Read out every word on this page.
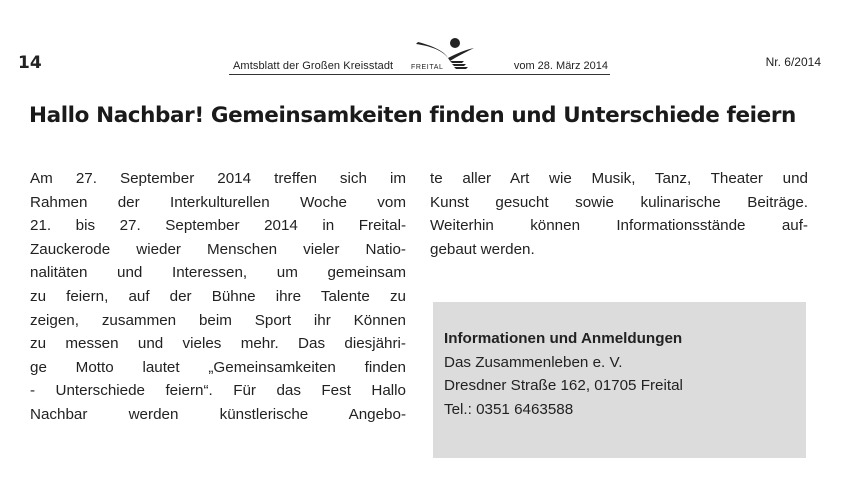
14	Amtsblatt der Großen Kreisstadt	FREITAL	vom 28. März 2014	Nr. 6/2014
Hallo Nachbar! Gemeinsamkeiten finden und Unterschiede feiern
Am 27. September 2014 treffen sich im
Rahmen der Interkulturellen Woche vom
21. bis 27. September 2014 in Freital-
Zauckerode wieder Menschen vieler Natio-
nalitäten und Interessen, um gemeinsam
zu feiern, auf der Bühne ihre Talente zu
zeigen, zusammen beim Sport ihr Können
zu messen und vieles mehr. Das diesjähri-
ge Motto lautet „Gemeinsamkeiten finden
- Unterschiede feiern“. Für das Fest Hallo
Nachbar werden künstlerische Angebo-
te aller Art wie Musik, Tanz, Theater und
Kunst gesucht sowie kulinarische Beiträge.
Weiterhin können Informationsstände auf-
gebaut werden.
Informationen und Anmeldungen
Das Zusammenleben e. V.
Dresdner Straße 162, 01705 Freital
Tel.: 0351 6463588
